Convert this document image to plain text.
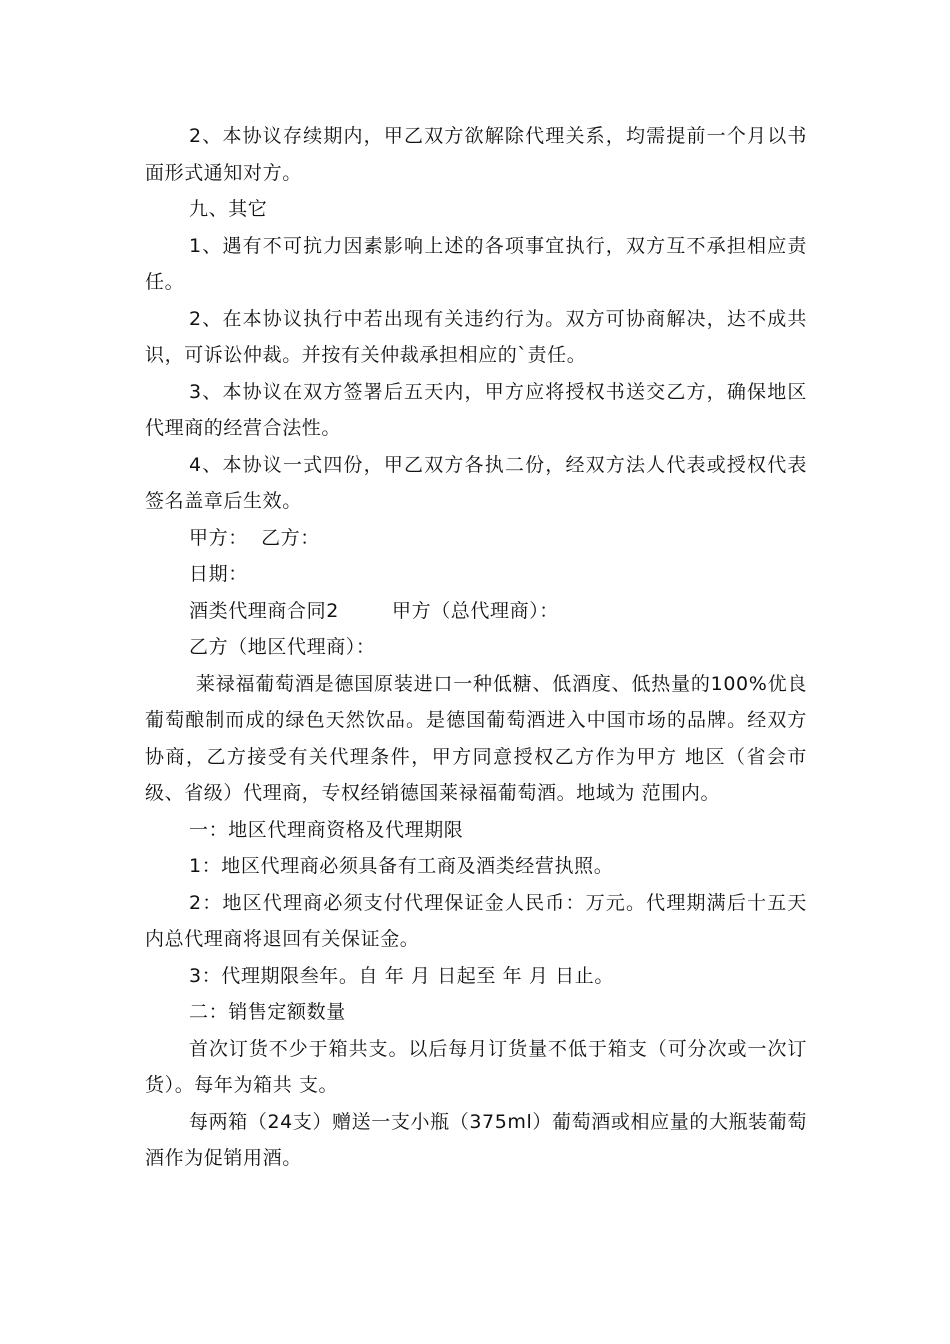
2、本协议存续期内，甲乙双方欲解除代理关系，均需提前一个月以书面形式通知对方。

九、其它

1、遇有不可抗力因素影响上述的各项事宜执行，双方互不承担相应责任。

2、在本协议执行中若出现有关违约行为。双方可协商解决，达不成共识，可诉讼仲裁。并按有关仲裁承担相应的`责任。

3、本协议在双方签署后五天内，甲方应将授权书送交乙方，确保地区代理商的经营合法性。

4、本协议一式四份，甲乙双方各执二份，经双方法人代表或授权代表签名盖章后生效。

甲方：  乙方：

日期：

酒类代理商合同2        甲方（总代理商）：

乙方（地区代理商）：

莱禄福葡萄酒是德国原装进口一种低糖、低酒度、低热量的100%优良葡萄酿制而成的绿色天然饮品。是德国葡萄酒进入中国市场的品牌。经双方协商，乙方接受有关代理条件，甲方同意授权乙方作为甲方 地区（省会市级、省级）代理商，专权经销德国莱禄福葡萄酒。地域为 范围内。

一：地区代理商资格及代理期限

1：地区代理商必须具备有工商及酒类经营执照。

2：地区代理商必须支付代理保证金人民币：万元。代理期满后十五天内总代理商将退回有关保证金。

3：代理期限叁年。自 年 月 日起至 年 月 日止。

二：销售定额数量

首次订货不少于箱共支。以后每月订货量不低于箱支（可分次或一次订货）。每年为箱共 支。

每两箱（24支）赠送一支小瓶（375ml）葡萄酒或相应量的大瓶装葡萄酒作为促销用酒。
